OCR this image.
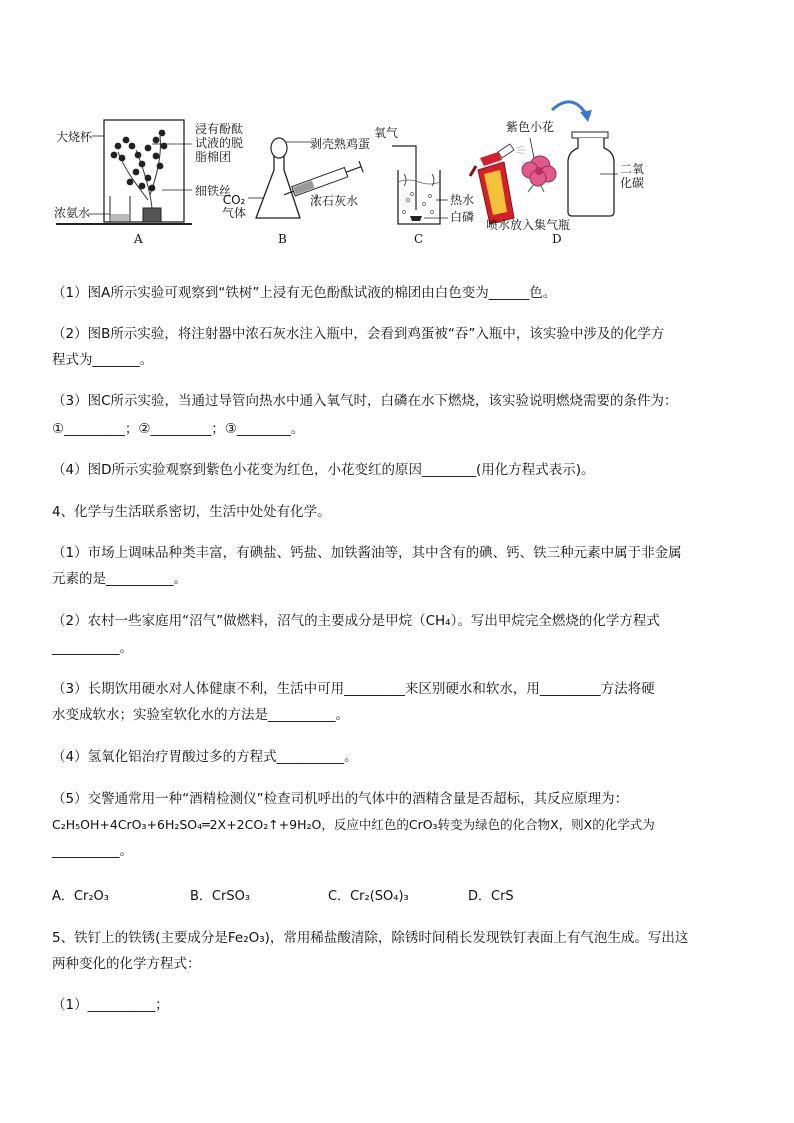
大烧杯
浸有酚酞
试液的脱
脂棉团
细铁丝
浓氨水
A
剥壳熟鸡蛋
CO₂
气体
浓石灰水
B
氧气
热水
白磷
C
紫色小花
二氧
化碳
喷水放入集气瓶
D
（1）图A所示实验可观察到“铁树”上浸有无色酚酞试液的棉团由白色变为______色。
（2）图B所示实验，将注射器中浓石灰水注入瓶中，会看到鸡蛋被“吞”入瓶中，该实验中涉及的化学方
程式为_______。
（3）图C所示实验，当通过导管向热水中通入氧气时，白磷在水下燃烧，该实验说明燃烧需要的条件为：
①_________；②_________；③________。
（4）图D所示实验观察到紫色小花变为红色，小花变红的原因________(用化方程式表示)。
4、化学与生活联系密切，生活中处处有化学。
（1）市场上调味品种类丰富，有碘盐、钙盐、加铁酱油等，其中含有的碘、钙、铁三种元素中属于非金属
元素的是__________。
（2）农村一些家庭用“沼气”做燃料，沼气的主要成分是甲烷（CH₄）。写出甲烷完全燃烧的化学方程式
__________。
（3）长期饮用硬水对人体健康不利，生活中可用_________来区别硬水和软水，用_________方法将硬
水变成软水；实验室软化水的方法是__________。
（4）氢氧化铝治疗胃酸过多的方程式__________。
（5）交警通常用一种“酒精检测仪”检查司机呼出的气体中的酒精含量是否超标，其反应原理为：
C₂H₅OH+4CrO₃+6H₂SO₄═2X+2CO₂↑+9H₂O，反应中红色的CrO₃转变为绿色的化合物X，则X的化学式为
__________。
A．Cr₂O₃	B．CrSO₃	C．Cr₂(SO₄)₃	D．CrS
5、铁钉上的铁锈(主要成分是Fe₂O₃)，常用稀盐酸清除，除锈时间稍长发现铁钉表面上有气泡生成。写出这
两种变化的化学方程式：
（1）__________；
